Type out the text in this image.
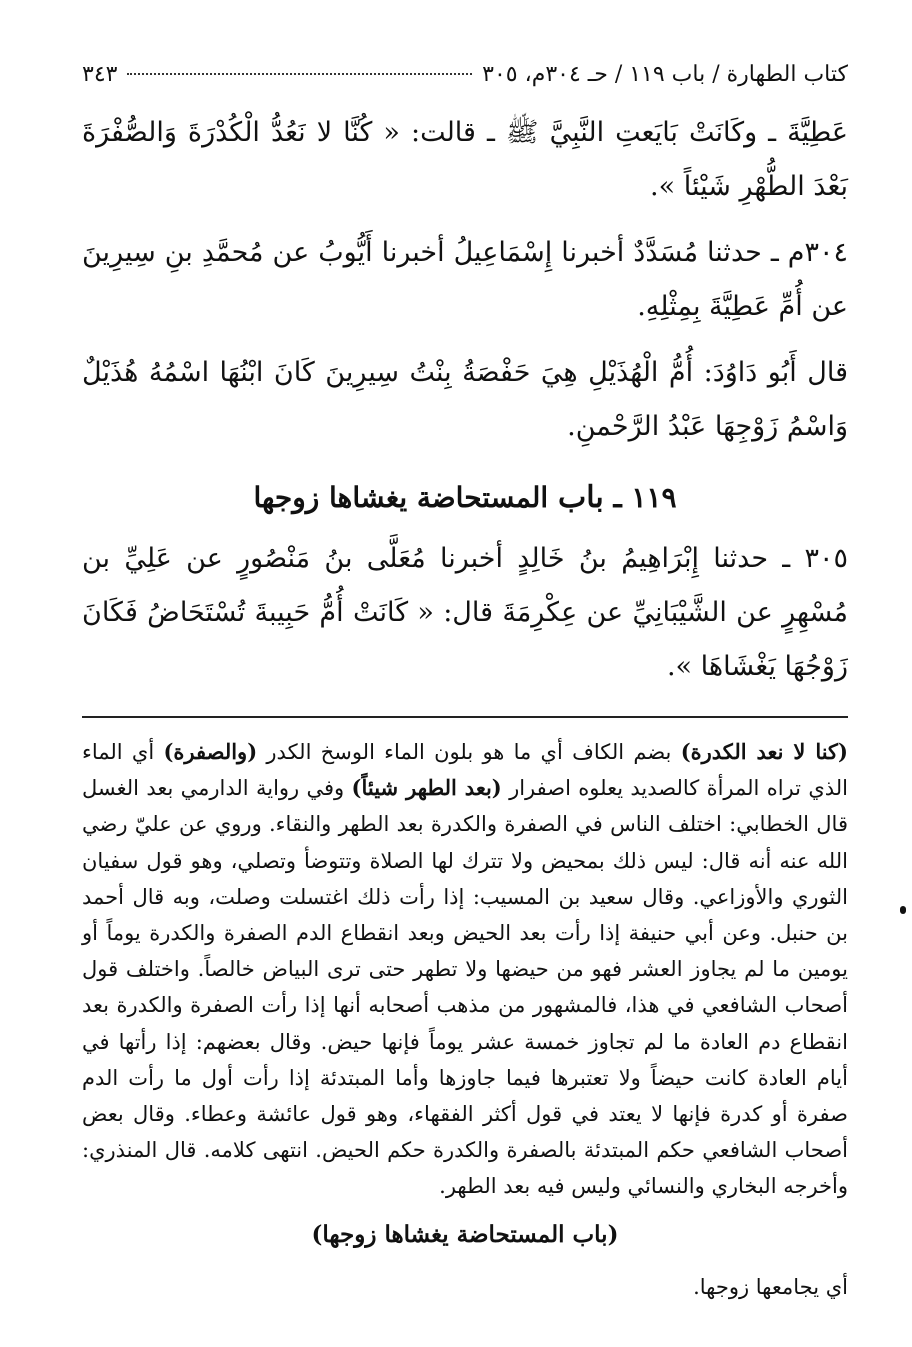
كتاب الطهارة / باب ١١٩ / حـ ٣٠٤م، ٣٠٥
٣٤٣

عَطِيَّةَ ـ وكَانَتْ بَايَعتِ النَّبِيَّ ﷺ ـ قالت: « كُنَّا لا نَعُدُّ الْكُدْرَةَ وَالصُّفْرَةَ بَعْدَ الطُّهْرِ شَيْئاً ».

٣٠٤م ـ حدثنا مُسَدَّدٌ أخبرنا إِسْمَاعِيلُ أخبرنا أَيُّوبُ عن مُحمَّدِ بنِ سِيرِينَ عن أُمِّ عَطِيَّةَ بِمِثْلِهِ.

قال أَبُو دَاوُدَ: أُمُّ الْهُذَيْلِ هِيَ حَفْصَةُ بِنْتُ سِيرِينَ كَانَ ابْنُهَا اسْمُهُ هُذَيْلٌ وَاسْمُ زَوْجِهَا عَبْدُ الرَّحْمنِ.

١١٩ ـ باب المستحاضة يغشاها زوجها

٣٠٥ ـ حدثنا إِبْرَاهِيمُ بنُ خَالِدٍ أخبرنا مُعَلَّى بنُ مَنْصُورٍ عن عَلِيِّ بن مُسْهِرٍ عن الشَّيْبَانِيِّ عن عِكْرِمَةَ قال: « كَانَتْ أُمُّ حَبِيبةَ تُسْتَحَاضُ فَكَانَ زَوْجُهَا يَغْشَاهَا ».

(كنا لا نعد الكدرة) بضم الكاف أي ما هو بلون الماء الوسخ الكدر (والصفرة) أي الماء الذي تراه المرأة كالصديد يعلوه اصفرار (بعد الطهر شيئاً) وفي رواية الدارمي بعد الغسل قال الخطابي: اختلف الناس في الصفرة والكدرة بعد الطهر والنقاء. وروي عن عليّ رضي الله عنه أنه قال: ليس ذلك بمحيض ولا تترك لها الصلاة وتتوضأ وتصلي، وهو قول سفيان الثوري والأوزاعي. وقال سعيد بن المسيب: إذا رأت ذلك اغتسلت وصلت، وبه قال أحمد بن حنبل. وعن أبي حنيفة إذا رأت بعد الحيض وبعد انقطاع الدم الصفرة والكدرة يوماً أو يومين ما لم يجاوز العشر فهو من حيضها ولا تطهر حتى ترى البياض خالصاً. واختلف قول أصحاب الشافعي في هذا، فالمشهور من مذهب أصحابه أنها إذا رأت الصفرة والكدرة بعد انقطاع دم العادة ما لم تجاوز خمسة عشر يوماً فإنها حيض. وقال بعضهم: إذا رأتها في أيام العادة كانت حيضاً ولا تعتبرها فيما جاوزها وأما المبتدئة إذا رأت أول ما رأت الدم صفرة أو كدرة فإنها لا يعتد في قول أكثر الفقهاء، وهو قول عائشة وعطاء. وقال بعض أصحاب الشافعي حكم المبتدئة بالصفرة والكدرة حكم الحيض. انتهى كلامه. قال المنذري: وأخرجه البخاري والنسائي وليس فيه بعد الطهر.

(باب المستحاضة يغشاها زوجها)

أي يجامعها زوجها.
